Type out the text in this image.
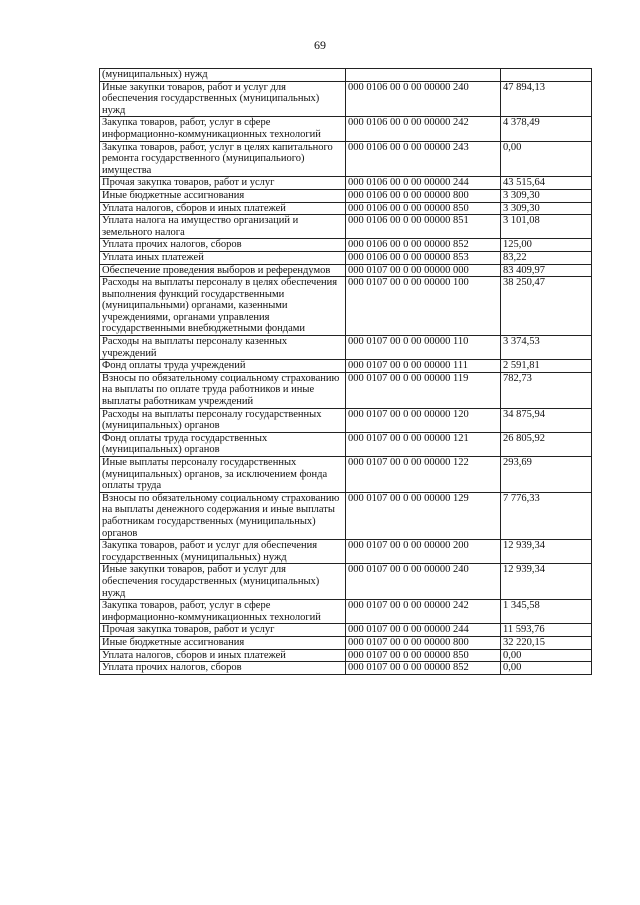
69
(муниципальных) нужд		
Иные закупки товаров, работ и услуг для обеспечения государственных (муниципальных) нужд	000 0106 00 0 00 00000 240	47 894,13
Закупка товаров, работ, услуг в сфере информационно-коммуникационных технологий	000 0106 00 0 00 00000 242	4 378,49
Закупка товаров, работ, услуг в целях капитального ремонта государственного (муниципальиого) имущества	000 0106 00 0 00 00000 243	0,00
Прочая закупка товаров, работ и услуг	000 0106 00 0 00 00000 244	43 515,64
Иные бюджетные ассигнования	000 0106 00 0 00 00000 800	3 309,30
Уплата налогов, сборов и иных платежей	000 0106 00 0 00 00000 850	3 309,30
Уплата налога на имущество организаций и земельного налога	000 0106 00 0 00 00000 851	3 101,08
Уплата прочих налогов, сборов	000 0106 00 0 00 00000 852	125,00
Уплата иных платежей	000 0106 00 0 00 00000 853	83,22
Обеспечение проведения выборов и референдумов	000 0107 00 0 00 00000 000	83 409,97
Расходы на выплаты персоналу в целях обеспечения выполнения функций государственными (муниципальными) органами, казенными учреждениями, органами управления государственными внебюджетными фондами	000 0107 00 0 00 00000 100	38 250,47
Расходы на выплаты персоналу казенных учреждений	000 0107 00 0 00 00000 110	3 374,53
Фонд оплаты труда учреждений	000 0107 00 0 00 00000 111	2 591,81
Взносы по обязательному социальному страхованию на выплаты по оплате труда работников и иные выплаты работникам учреждений	000 0107 00 0 00 00000 119	782,73
Расходы на выплаты персоналу государственных (муниципальных) органов	000 0107 00 0 00 00000 120	34 875,94
Фонд оплаты труда государственных (муниципальных) органов	000 0107 00 0 00 00000 121	26 805,92
Иные выплаты персоналу государственных (муниципальных) органов, за исключением фонда оплаты труда	000 0107 00 0 00 00000 122	293,69
Взносы по обязательному социальному страхованию на выплаты денежного содержания и иные выплаты работникам государственных (муниципальных) органов	000 0107 00 0 00 00000 129	7 776,33
Закупка товаров, работ и услуг для обеспечения государственных (муниципальных) нужд	000 0107 00 0 00 00000 200	12 939,34
Иные закупки товаров, работ и услуг для обеспечения государственных (муниципальных) нужд	000 0107 00 0 00 00000 240	12 939,34
Закупка товаров, работ, услуг в сфере информационно-коммуникационных технологий	000 0107 00 0 00 00000 242	1 345,58
Прочая закупка товаров, работ и услуг	000 0107 00 0 00 00000 244	11 593,76
Иные бюджетные ассигнования	000 0107 00 0 00 00000 800	32 220,15
Уплата налогов, сборов и иных платежей	000 0107 00 0 00 00000 850	0,00
Уплата прочих налогов, сборов	000 0107 00 0 00 00000 852	0,00
